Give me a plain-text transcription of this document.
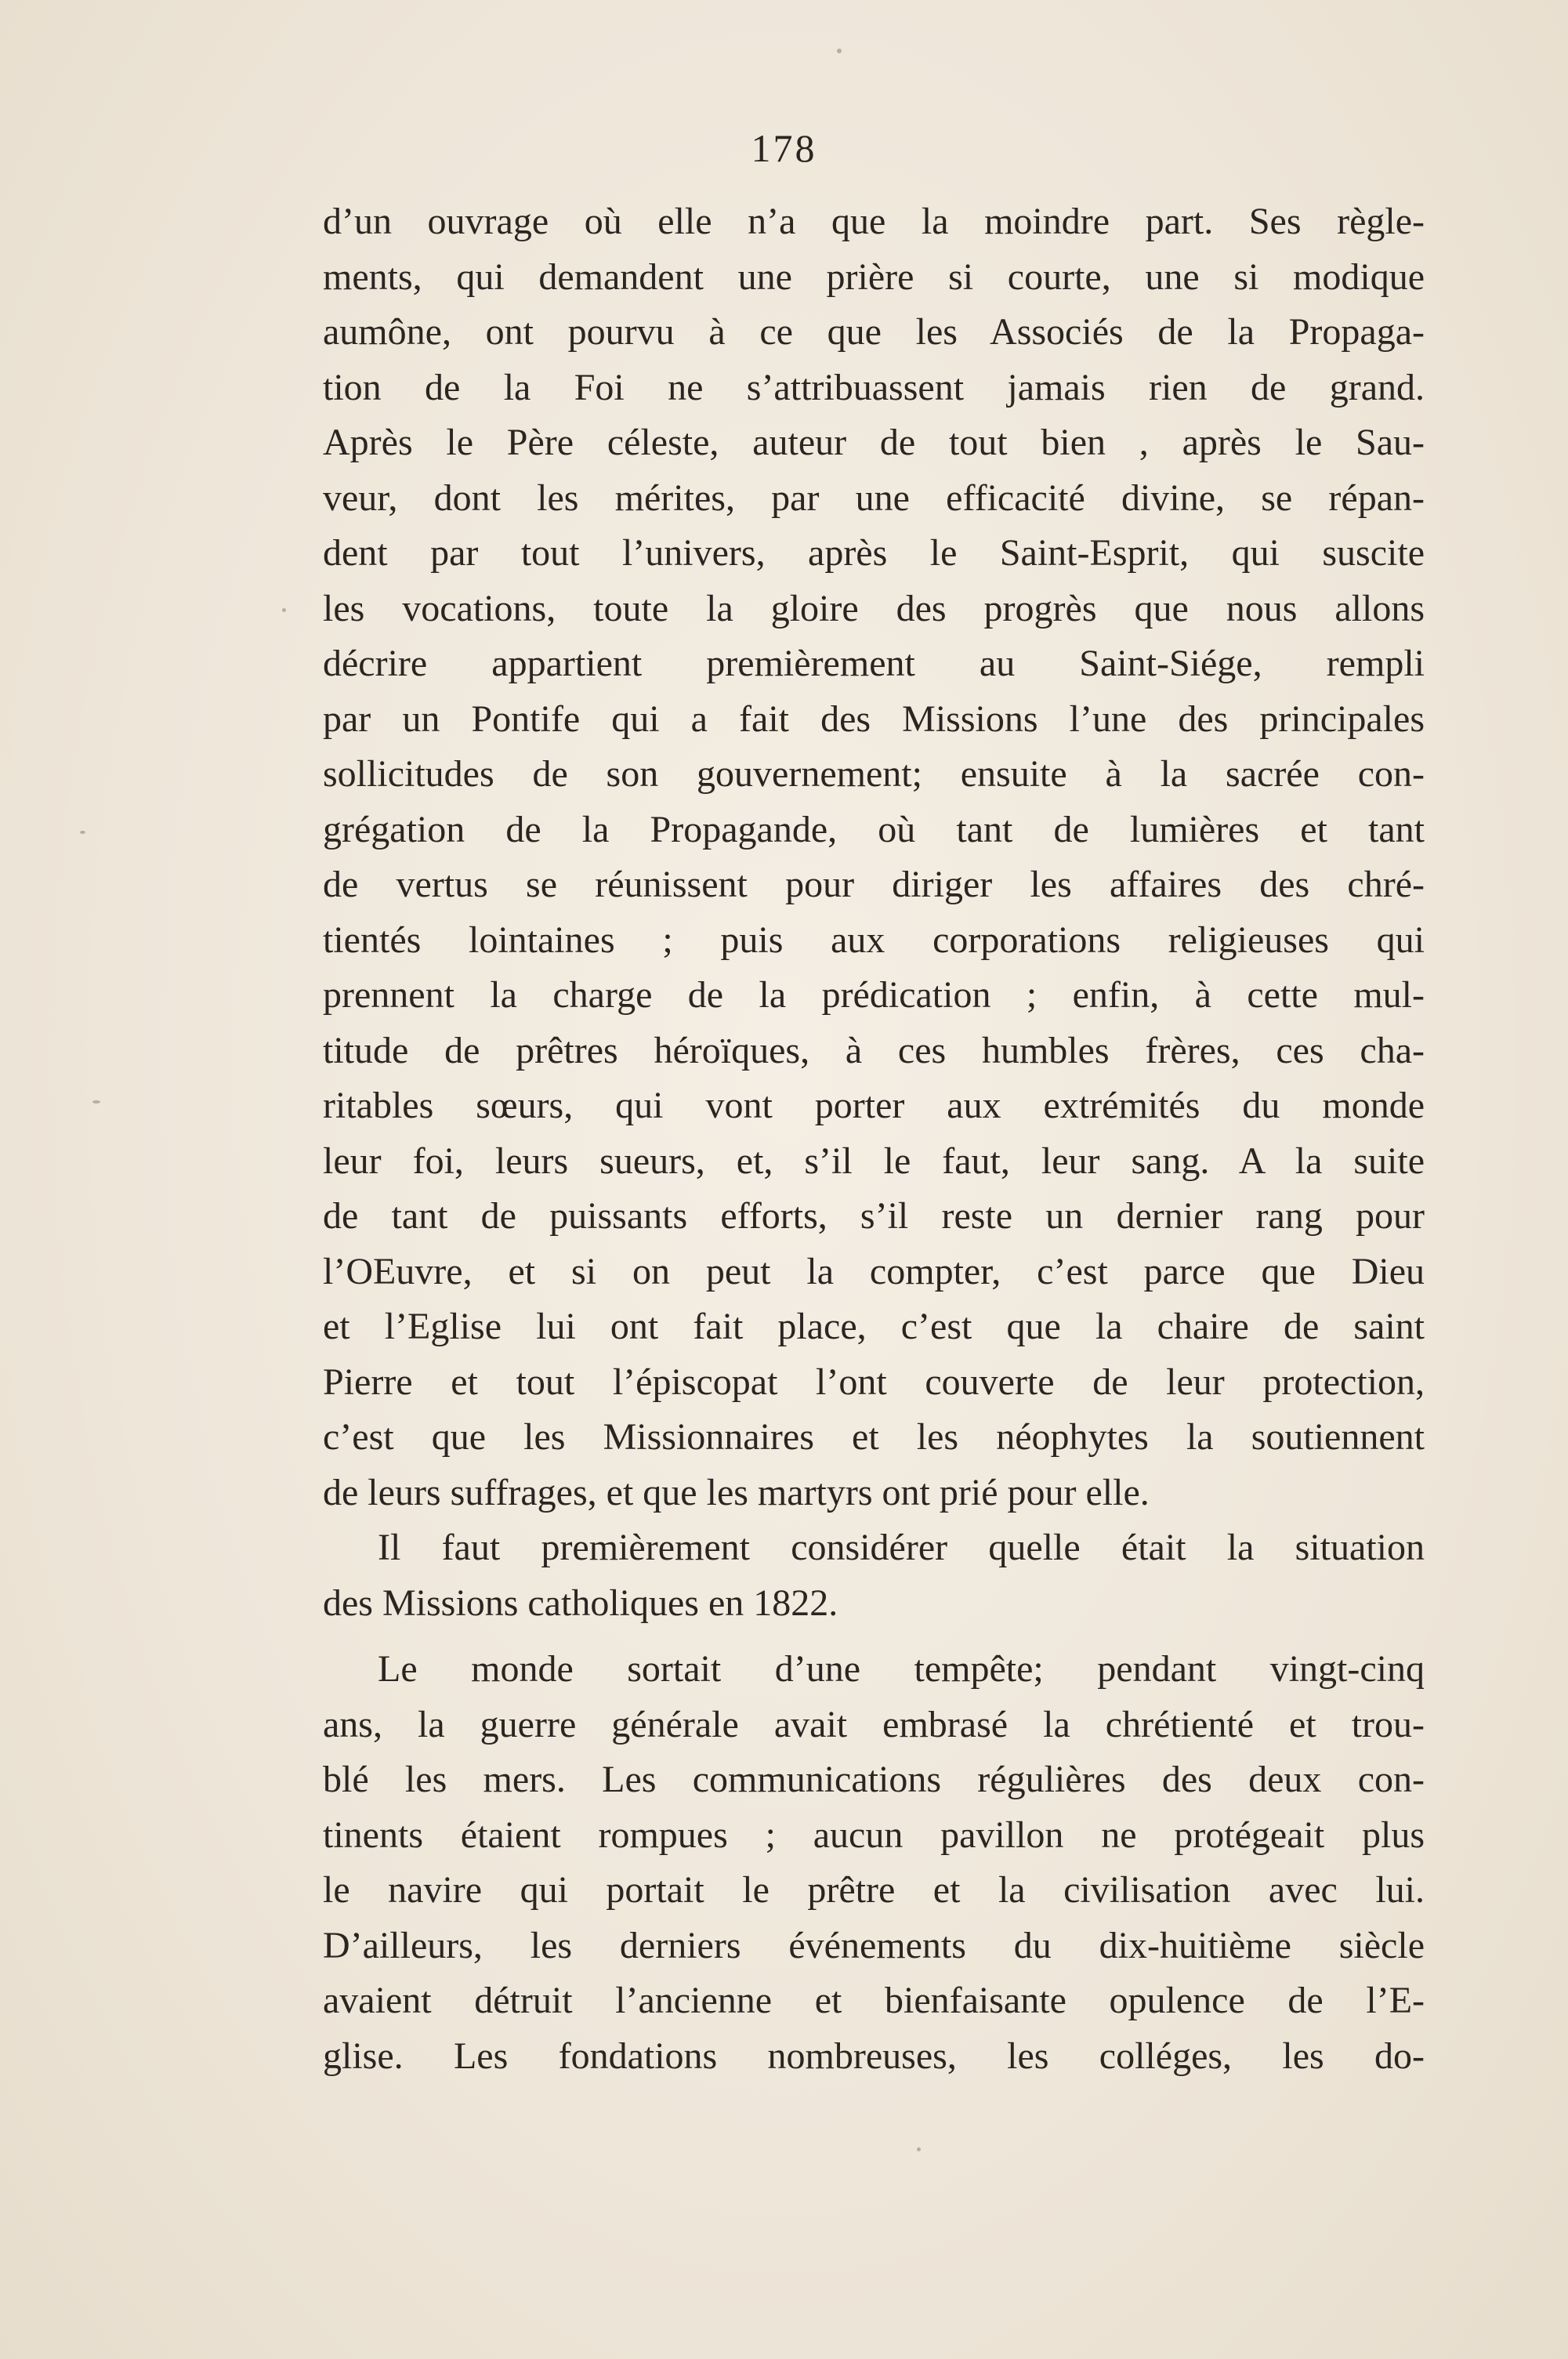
178
d’un ouvrage où elle n’a que la moindre part. Ses règle-
ments, qui demandent une prière si courte, une si modique
aumône, ont pourvu à ce que les Associés de la Propaga-
tion de la Foi ne s’attribuassent jamais rien de grand.
Après le Père céleste, auteur de tout bien , après le Sau-
veur, dont les mérites, par une efficacité divine, se répan-
dent par tout l’univers, après le Saint-Esprit, qui suscite
les vocations, toute la gloire des progrès que nous allons
décrire appartient premièrement au Saint-Siége, rempli
par un Pontife qui a fait des Missions l’une des principales
sollicitudes de son gouvernement; ensuite à la sacrée con-
grégation de la Propagande, où tant de lumières et tant
de vertus se réunissent pour diriger les affaires des chré-
tientés lointaines ; puis aux corporations religieuses qui
prennent la charge de la prédication ; enfin, à cette mul-
titude de prêtres héroïques, à ces humbles frères, ces cha-
ritables sœurs, qui vont porter aux extrémités du monde
leur foi, leurs sueurs, et, s’il le faut, leur sang. A la suite
de tant de puissants efforts, s’il reste un dernier rang pour
l’OEuvre, et si on peut la compter, c’est parce que Dieu
et l’Eglise lui ont fait place, c’est que la chaire de saint
Pierre et tout l’épiscopat l’ont couverte de leur protection,
c’est que les Missionnaires et les néophytes la soutiennent
de leurs suffrages, et que les martyrs ont prié pour elle.
Il faut premièrement considérer quelle était la situation
des Missions catholiques en 1822.
Le monde sortait d’une tempête; pendant vingt-cinq
ans, la guerre générale avait embrasé la chrétienté et trou-
blé les mers. Les communications régulières des deux con-
tinents étaient rompues ; aucun pavillon ne protégeait plus
le navire qui portait le prêtre et la civilisation avec lui.
D’ailleurs, les derniers événements du dix-huitième siècle
avaient détruit l’ancienne et bienfaisante opulence de l’E-
glise. Les fondations nombreuses, les colléges, les do-
